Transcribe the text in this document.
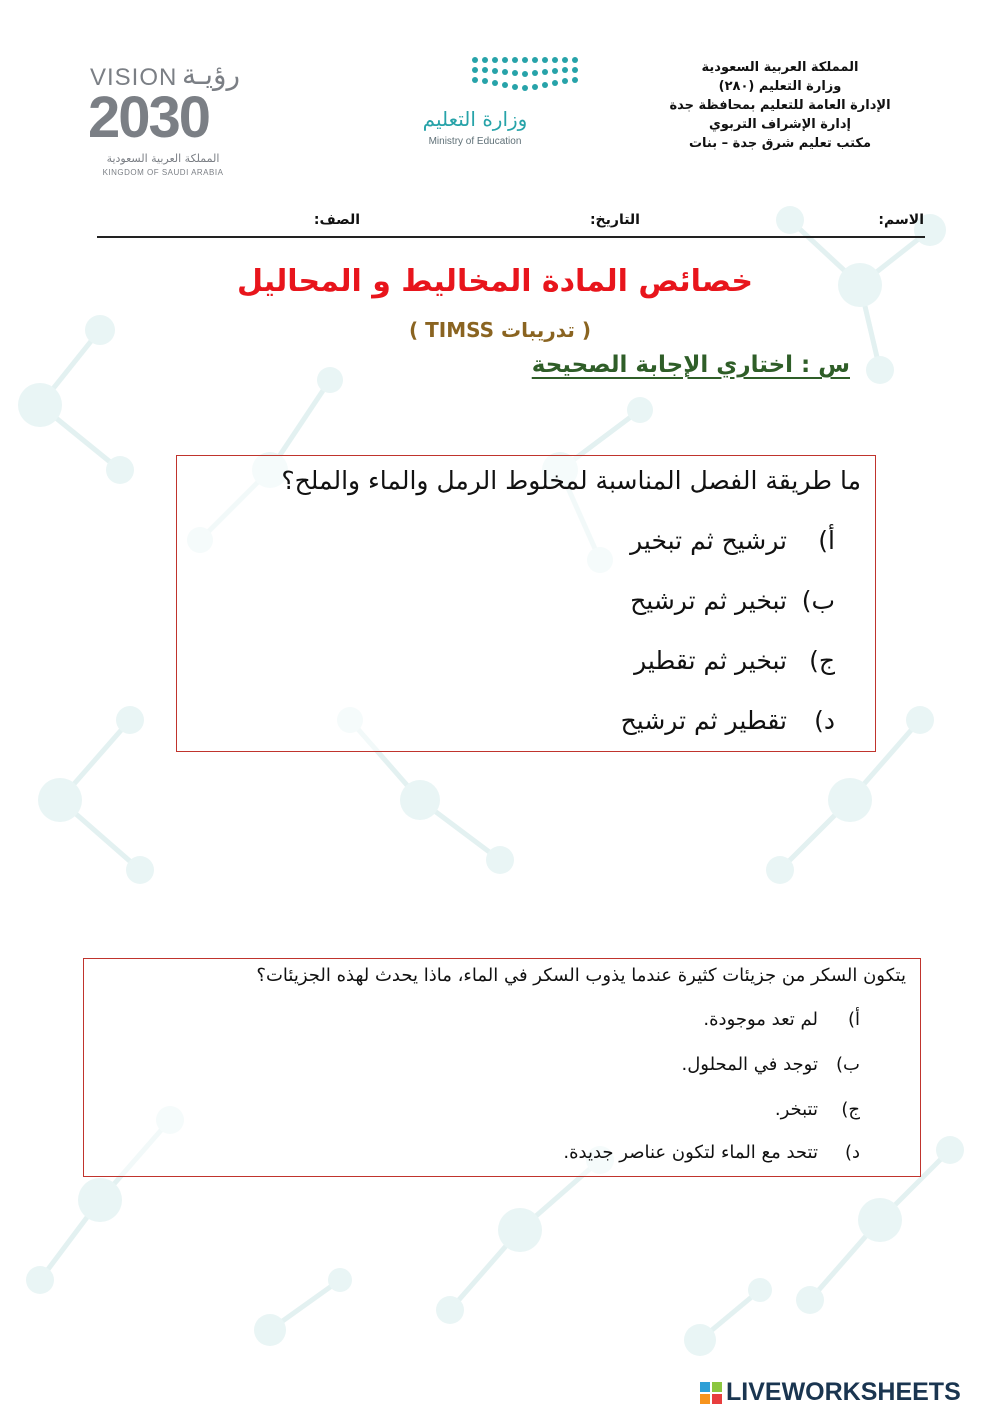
المملكة العربية السعودية
وزارة التعليم (٢٨٠)
الإدارة العامة للتعليم بمحافظة جدة
إدارة الإشراف التربوي
مكتب تعليم شرق جدة – بنات
وزارة التعليم
Ministry of Education
VISION رؤيـة
2030
المملكة العربية السعودية
KINGDOM OF SAUDI ARABIA
الاسم:
التاريخ:
الصف:
خصائص المادة المخاليط و المحاليل
( تدريبات TIMSS )
س : اختاري الإجابة الصحيحة
ما طريقة الفصل المناسبة لمخلوط الرمل والماء والملح؟
أ)
ترشيح ثم تبخير
ب)
تبخير ثم ترشيح
ج)
تبخير ثم تقطير
د)
تقطير ثم ترشيح
يتكون السكر من جزيئات كثيرة عندما يذوب السكر في الماء، ماذا يحدث لهذه الجزيئات؟
أ)
لم تعد موجودة.
ب)
توجد في المحلول.
ج)
تتبخر.
د)
تتحد مع الماء لتكون عناصر جديدة.
LIVEWORKSHEETS
